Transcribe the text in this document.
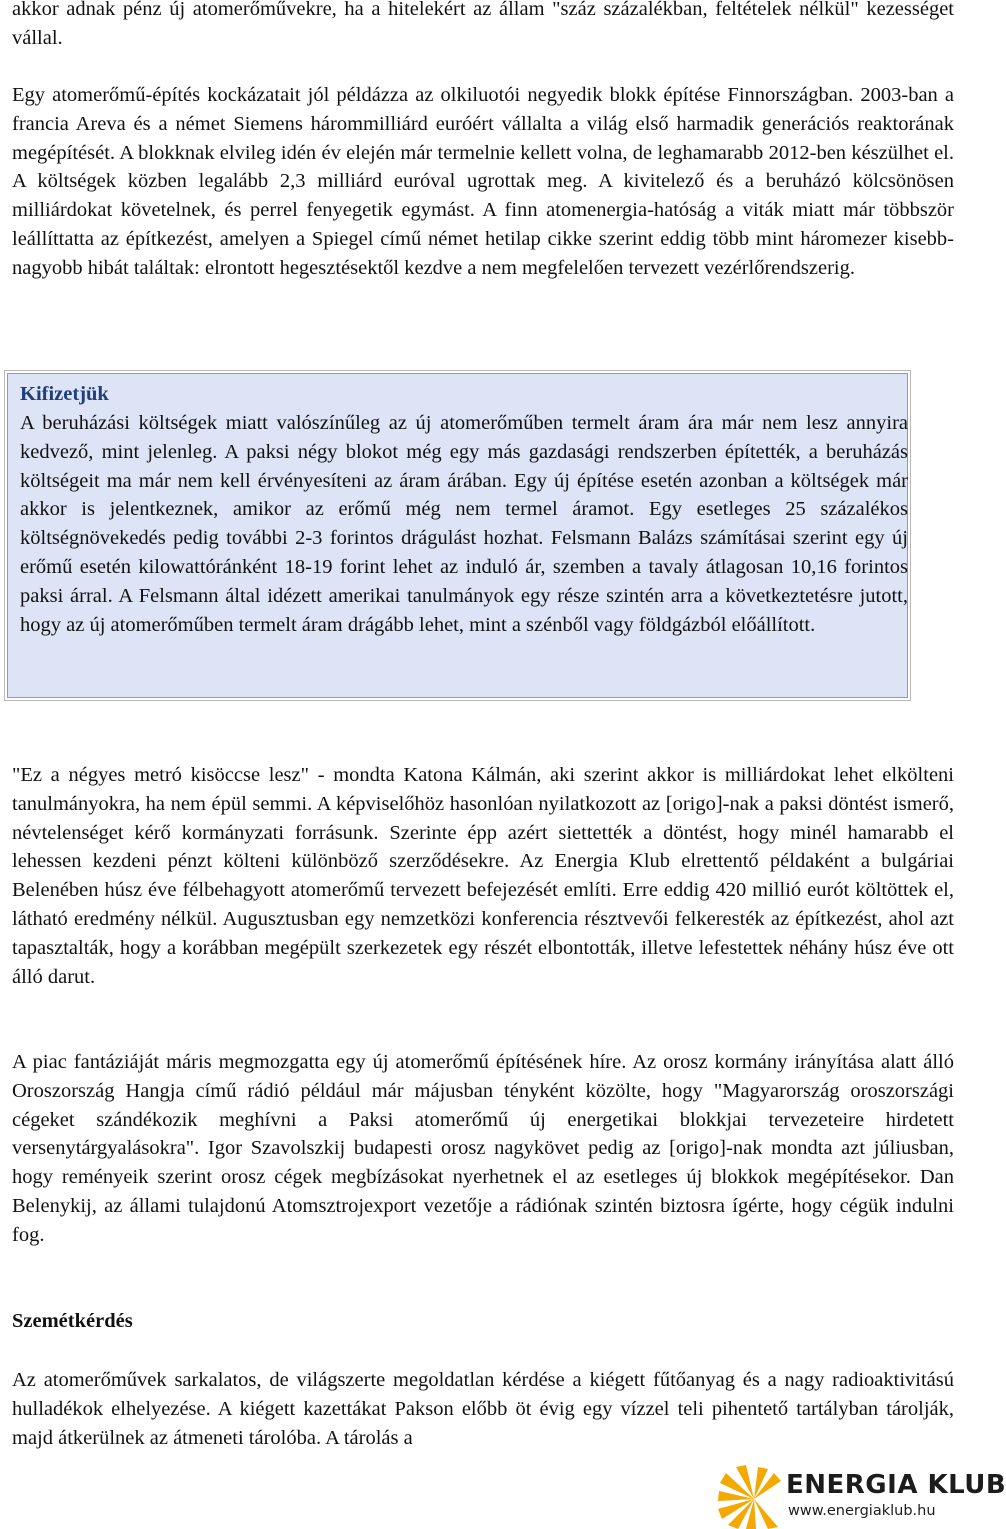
akkor adnak pénz új atomerőművekre, ha a hitelekért az állam "száz százalékban, feltételek nélkül" kezességet vállal.

Egy atomerőmű-építés kockázatait jól példázza az olkiluotói negyedik blokk építése Finnországban. 2003-ban a francia Areva és a német Siemens hárommilliárd euróért vállalta a világ első harmadik generációs reaktorának megépítését. A blokknak elvileg idén év elején már termelnie kellett volna, de leghamarabb 2012-ben készülhet el. A költségek közben legalább 2,3 milliárd euróval ugrottak meg. A kivitelező és a beruházó kölcsönösen milliárdokat követelnek, és perrel fenyegetik egymást. A finn atomenergia-hatóság a viták miatt már többször leállíttatta az építkezést, amelyen a Spiegel című német hetilap cikke szerint eddig több mint háromezer kisebb-nagyobb hibát találtak: elrontott hegesztésektől kezdve a nem megfelelően tervezett vezérlőrendszerig.

Kifizetjük

A beruházási költségek miatt valószínűleg az új atomerőműben termelt áram ára már nem lesz annyira kedvező, mint jelenleg. A paksi négy blokot még egy más gazdasági rendszerben építették, a beruházás költségeit ma már nem kell érvényesíteni az áram árában. Egy új építése esetén azonban a költségek már akkor is jelentkeznek, amikor az erőmű még nem termel áramot. Egy esetleges 25 százalékos költségnövekedés pedig további 2-3 forintos drágulást hozhat. Felsmann Balázs számításai szerint egy új erőmű esetén kilowattóránként 18-19 forint lehet az induló ár, szemben a tavaly átlagosan 10,16 forintos paksi árral. A Felsmann által idézett amerikai tanulmányok egy része szintén arra a következtetésre jutott, hogy az új atomerőműben termelt áram drágább lehet, mint a szénből vagy földgázból előállított.

"Ez a négyes metró kisöccse lesz" - mondta Katona Kálmán, aki szerint akkor is milliárdokat lehet elkölteni tanulmányokra, ha nem épül semmi. A képviselőhöz hasonlóan nyilatkozott az [origo]-nak a paksi döntést ismerő, névtelenséget kérő kormányzati forrásunk. Szerinte épp azért siettették a döntést, hogy minél hamarabb el lehessen kezdeni pénzt költeni különböző szerződésekre. Az Energia Klub elrettentő példaként a bulgáriai Belenében húsz éve félbehagyott atomerőmű tervezett befejezését említi. Erre eddig 420 millió eurót költöttek el, látható eredmény nélkül. Augusztusban egy nemzetközi konferencia résztvevői felkeresték az építkezést, ahol azt tapasztalták, hogy a korábban megépült szerkezetek egy részét elbontották, illetve lefestettek néhány húsz éve ott álló darut.

A piac fantáziáját máris megmozgatta egy új atomerőmű építésének híre. Az orosz kormány irányítása alatt álló Oroszország Hangja című rádió például már májusban tényként közölte, hogy "Magyarország oroszországi cégeket szándékozik meghívni a Paksi atomerőmű új energetikai blokkjai tervezeteire hirdetett versenytárgyalásokra". Igor Szavolszkij budapesti orosz nagykövet pedig az [origo]-nak mondta azt júliusban, hogy reményeik szerint orosz cégek megbízásokat nyerhetnek el az esetleges új blokkok megépítésekor. Dan Belenykij, az állami tulajdonú Atomsztrojexport vezetője a rádiónak szintén biztosra ígérte, hogy cégük indulni fog.

Szemétkérdés

Az atomerőművek sarkalatos, de világszerte megoldatlan kérdése a kiégett fűtőanyag és a nagy radioaktivitású hulladékok elhelyezése. A kiégett kazettákat Pakson előbb öt évig egy vízzel teli pihentető tartályban tárolják, majd átkerülnek az átmeneti tárolóba. A tárolás a

ENERGIA KLUB
www.energiaklub.hu
